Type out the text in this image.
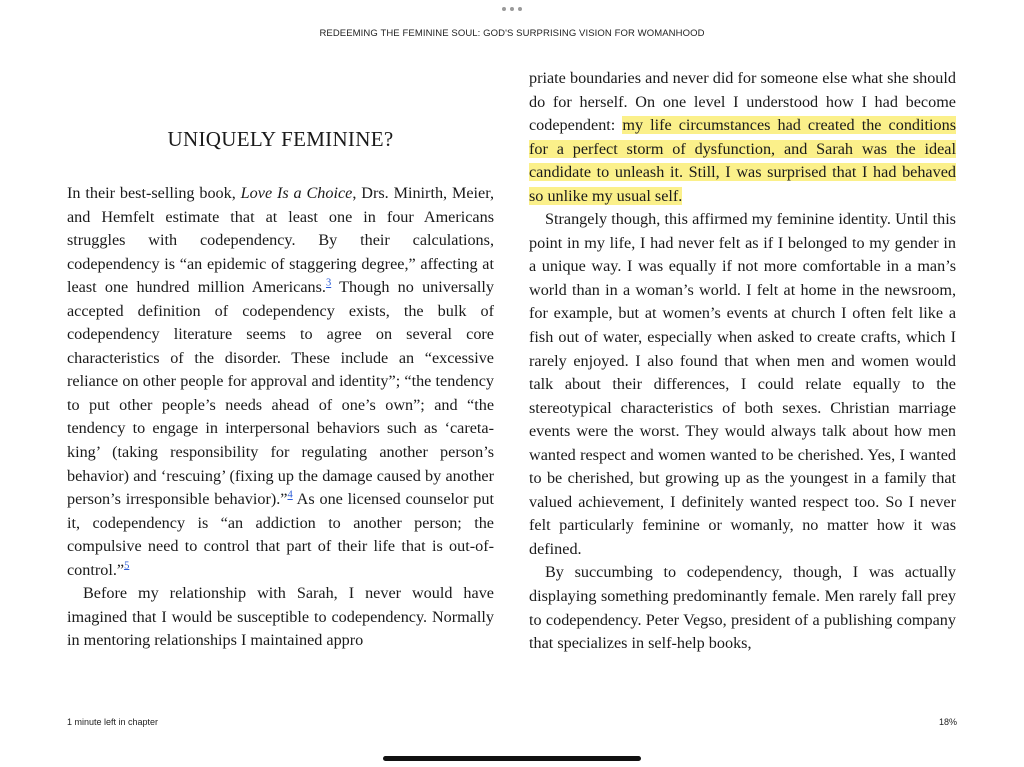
REDEEMING THE FEMININE SOUL: GOD'S SURPRISING VISION FOR WOMANHOOD
UNIQUELY FEMININE?

In their best-selling book, Love Is a Choice, Drs. Minirth, Meier, and Hemfelt estimate that at least one in four Americans struggles with codependency. By their calculations, codependency is “an epidemic of staggering degree,” affecting at least one hundred million Americans.$^3$ Though no universally accepted definition of codependency exists, the bulk of codependency literature seems to agree on several core characteristics of the disorder. These include an “excessive reliance on other people for approval and identity”; “the tendency to put other people’s needs ahead of one’s own”; and “the tendency to engage in interpersonal behaviors such as ‘caretaking’ (taking responsibility for regulating another person’s behavior) and ‘rescuing’ (fixing up the damage caused by another person’s irresponsible behavior).”$^4$ As one licensed counselor put it, codependency is “an addiction to another person; the compulsive need to control that part of their life that is out-of-control.”$^5$

Before my relationship with Sarah, I never would have imagined that I would be susceptible to codependency. Normally in mentoring relationships I maintained appro

priate boundaries and never did for someone else what she should do for herself. On one level I understood how I had become codependent: my life circumstances had created the conditions for a perfect storm of dysfunction, and Sarah was the ideal candidate to unleash it. Still, I was surprised that I had behaved so unlike my usual self.

Strangely though, this affirmed my feminine identity. Until this point in my life, I had never felt as if I belonged to my gender in a unique way. I was equally if not more comfortable in a man’s world than in a woman’s world. I felt at home in the newsroom, for example, but at women’s events at church I often felt like a fish out of water, especially when asked to create crafts, which I rarely enjoyed. I also found that when men and women would talk about their differences, I could relate equally to the stereotypical characteristics of both sexes. Christian marriage events were the worst. They would always talk about how men wanted respect and women wanted to be cherished. Yes, I wanted to be cherished, but growing up as the youngest in a family that valued achievement, I definitely wanted respect too. So I never felt particularly feminine or womanly, no matter how it was defined.

By succumbing to codependency, though, I was actually displaying something predominantly female. Men rarely fall prey to codependency. Peter Vegso, president of a publishing company that specializes in self-help books,

1 minute left in chapter	18%
